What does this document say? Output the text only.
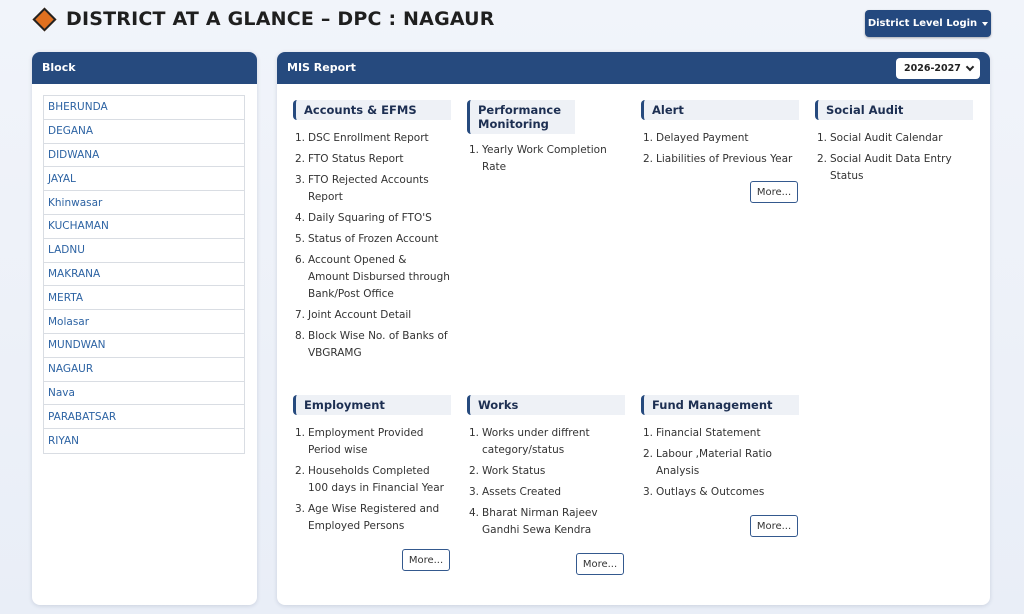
DISTRICT AT A GLANCE – DPC : NAGAUR	District Level Login
Block
BHERUNDA
DEGANA
DIDWANA
JAYAL
Khinwasar
KUCHAMAN
LADNU
MAKRANA
MERTA
Molasar
MUNDWAN
NAGAUR
Nava
PARABATSAR
RIYAN
MIS Report	2026-2027
Accounts & EFMS
1. DSC Enrollment Report
2. FTO Status Report
3. FTO Rejected Accounts Report
4. Daily Squaring of FTO'S
5. Status of Frozen Account
6. Account Opened & Amount Disbursed through Bank/Post Office
7. Joint Account Detail
8. Block Wise No. of Banks of VBGRAMG
Performance Monitoring
1. Yearly Work Completion Rate
Alert
1. Delayed Payment
2. Liabilities of Previous Year
More...
Social Audit
1. Social Audit Calendar
2. Social Audit Data Entry Status
Employment
1. Employment Provided Period wise
2. Households Completed 100 days in Financial Year
3. Age Wise Registered and Employed Persons
More...
Works
1. Works under diffrent category/status
2. Work Status
3. Assets Created
4. Bharat Nirman Rajeev Gandhi Sewa Kendra
More...
Fund Management
1. Financial Statement
2. Labour ,Material Ratio Analysis
3. Outlays & Outcomes
More...
